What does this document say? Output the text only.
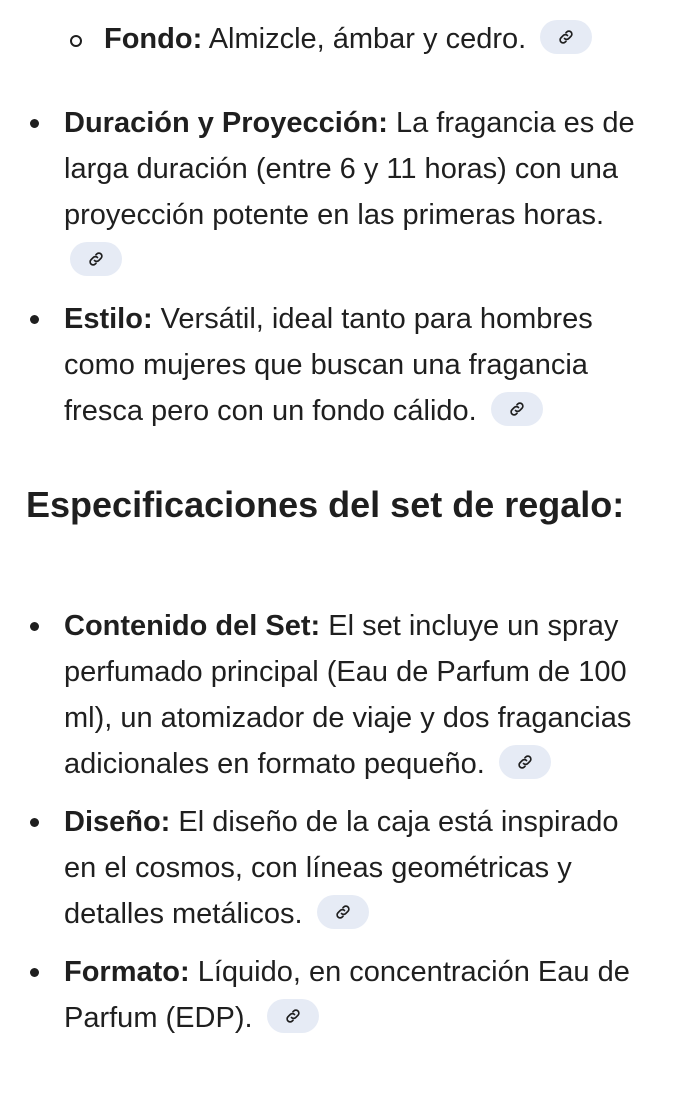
Fondo: Almizcle, ámbar y cedro.
Duración y Proyección: La fragancia es de larga duración (entre 6 y 11 horas) con una proyección potente en las primeras horas.
Estilo: Versátil, ideal tanto para hombres como mujeres que buscan una fragancia fresca pero con un fondo cálido.
Especificaciones del set de regalo:
Contenido del Set: El set incluye un spray perfumado principal (Eau de Parfum de 100 ml), un atomizador de viaje y dos fragancias adicionales en formato pequeño.
Diseño: El diseño de la caja está inspirado en el cosmos, con líneas geométricas y detalles metálicos.
Formato: Líquido, en concentración Eau de Parfum (EDP).
